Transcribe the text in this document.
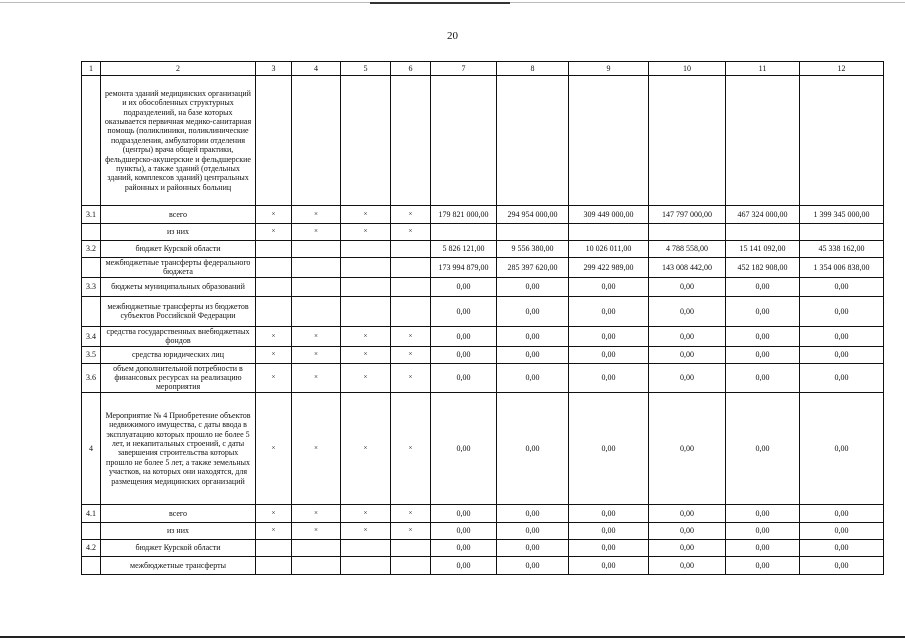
20
1	2	3	4	5	6	7	8	9	10	11	12
	ремонта зданий медицинских организаций и их обособленных структурных подразделений, на базе которых оказывается первичная медико-санитарная помощь (поликлиники, поликлинические подразделения, амбулатории отделения (центры) врача общей практики, фельдшерско-акушерские и фельдшерские пункты), а также зданий (отдельных зданий, комплексов зданий) центральных районных и районных больниц										
3.1	всего	×	×	×	×	179 821 000,00	294 954 000,00	309 449 000,00	147 797 000,00	467 324 000,00	1 399 345 000,00
	из них	×	×	×	×						
3.2	бюджет Курской области					5 826 121,00	9 556 380,00	10 026 011,00	4 788 558,00	15 141 092,00	45 338 162,00
	межбюджетные трансферты федерального бюджета					173 994 879,00	285 397 620,00	299 422 989,00	143 008 442,00	452 182 908,00	1 354 006 838,00
3.3	бюджеты муниципальных образований					0,00	0,00	0,00	0,00	0,00	0,00
	межбюджетные трансферты из бюджетов субъектов Российской Федерации					0,00	0,00	0,00	0,00	0,00	0,00
3.4	средства государственных внебюджетных фондов	×	×	×	×	0,00	0,00	0,00	0,00	0,00	0,00
3.5	средства юридических лиц	×	×	×	×	0,00	0,00	0,00	0,00	0,00	0,00
3.6	объем дополнительной потребности в финансовых ресурсах на реализацию мероприятия	×	×	×	×	0,00	0,00	0,00	0,00	0,00	0,00
4	Мероприятие № 4 Приобретение объектов недвижимого имущества, с даты ввода в эксплуатацию которых прошло не более 5 лет, и некапитальных строений, с даты завершения строительства которых прошло не более 5 лет, а также земельных участков, на которых они находятся, для размещения медицинских организаций	×	×	×	×	0,00	0,00	0,00	0,00	0,00	0,00
4.1	всего	×	×	×	×	0,00	0,00	0,00	0,00	0,00	0,00
	из них	×	×	×	×	0,00	0,00	0,00	0,00	0,00	0,00
4.2	бюджет Курской области					0,00	0,00	0,00	0,00	0,00	0,00
	межбюджетные трансферты					0,00	0,00	0,00	0,00	0,00	0,00
